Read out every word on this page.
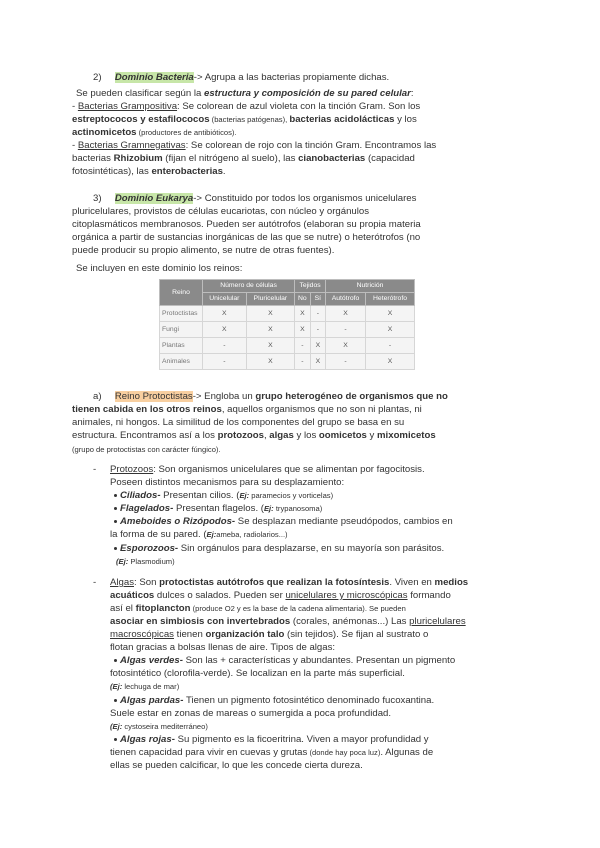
2) Dominio Bacteria-> Agrupa a las bacterias propiamente dichas.
Se pueden clasificar según la estructura y composición de su pared celular:
- Bacterias Grampositiva: Se colorean de azul violeta con la tinción Gram. Son los
estreptococos y estafilococos (bacterias patógenas), bacterias acidolácticas y los
actinomicetos (productores de antibióticos).
- Bacterias Gramnegativas: Se colorean de rojo con la tinción Gram. Encontramos las
bacterias Rhizobium (fijan el nitrógeno al suelo), las cianobacterias (capacidad
fotosintéticas), las enterobacterias.
3) Dominio Eukarya-> Constituido por todos los organismos unicelulares
pluricelulares, provistos de células eucariotas, con núcleo y orgánulos
citoplasmáticos membranosos. Pueden ser autótrofos (elaboran su propia materia
orgánica a partir de sustancias inorgánicas de las que se nutre) o heterótrofos (no
puede producir su propio alimento, se nutre de otras fuentes).
Se incluyen en este dominio los reinos:
Reino	Número de células		Tejidos		Nutrición	
	Unicelular	Pluricelular	No	Sí	Autótrofo	Heterótrofo
Protoctistas	X	X	X	-	X	X
Fungi	X	X	X	-	-	X
Plantas	-	X	-	X	X	-
Animales	-	X	-	X	-	X
a) Reino Protoctistas-> Engloba un grupo heterogéneo de organismos que no
tienen cabida en los otros reinos, aquellos organismos que no son ni plantas, ni
animales, ni hongos. La similitud de los componentes del grupo se basa en su
estructura. Encontramos así a los protozoos, algas y los oomicetos y mixomicetos
(grupo de protoctistas con carácter fúngico).
- Protozoos: Son organismos unicelulares que se alimentan por fagocitosis.
Poseen distintos mecanismos para su desplazamiento:
Ciliados- Presentan cilios. (Ej: paramecios y vorticelas)
Flagelados- Presentan flagelos. (Ej: trypanosoma)
Ameboides o Rizópodos- Se desplazan mediante pseudópodos, cambios en
la forma de su pared. (Ej:ameba, radiolarios...)
Esporozoos- Sin orgánulos para desplazarse, en su mayoría son parásitos.
(Ej: Plasmodium)
- Algas: Son protoctistas autótrofos que realizan la fotosíntesis. Viven en medios
acuáticos dulces o salados. Pueden ser unicelulares y microscópicas formando
así el fitoplancton (produce O2 y es la base de la cadena alimentaria). Se pueden
asociar en simbiosis con invertebrados (corales, anémonas...) Las pluricelulares
macroscópicas tienen organización talo (sin tejidos). Se fijan al sustrato o
flotan gracias a bolsas llenas de aire. Tipos de algas:
Algas verdes- Son las + características y abundantes. Presentan un pigmento
fotosintético (clorofila-verde). Se localizan en la parte más superficial.
(Ej: lechuga de mar)
Algas pardas- Tienen un pigmento fotosintético denominado fucoxantina.
Suele estar en zonas de mareas o sumergida a poca profundidad.
(Ej: cystoseira mediterráneo)
Algas rojas- Su pigmento es la ficoeritrina. Viven a mayor profundidad y
tienen capacidad para vivir en cuevas y grutas (donde hay poca luz). Algunas de
ellas se pueden calcificar, lo que les concede cierta dureza.
